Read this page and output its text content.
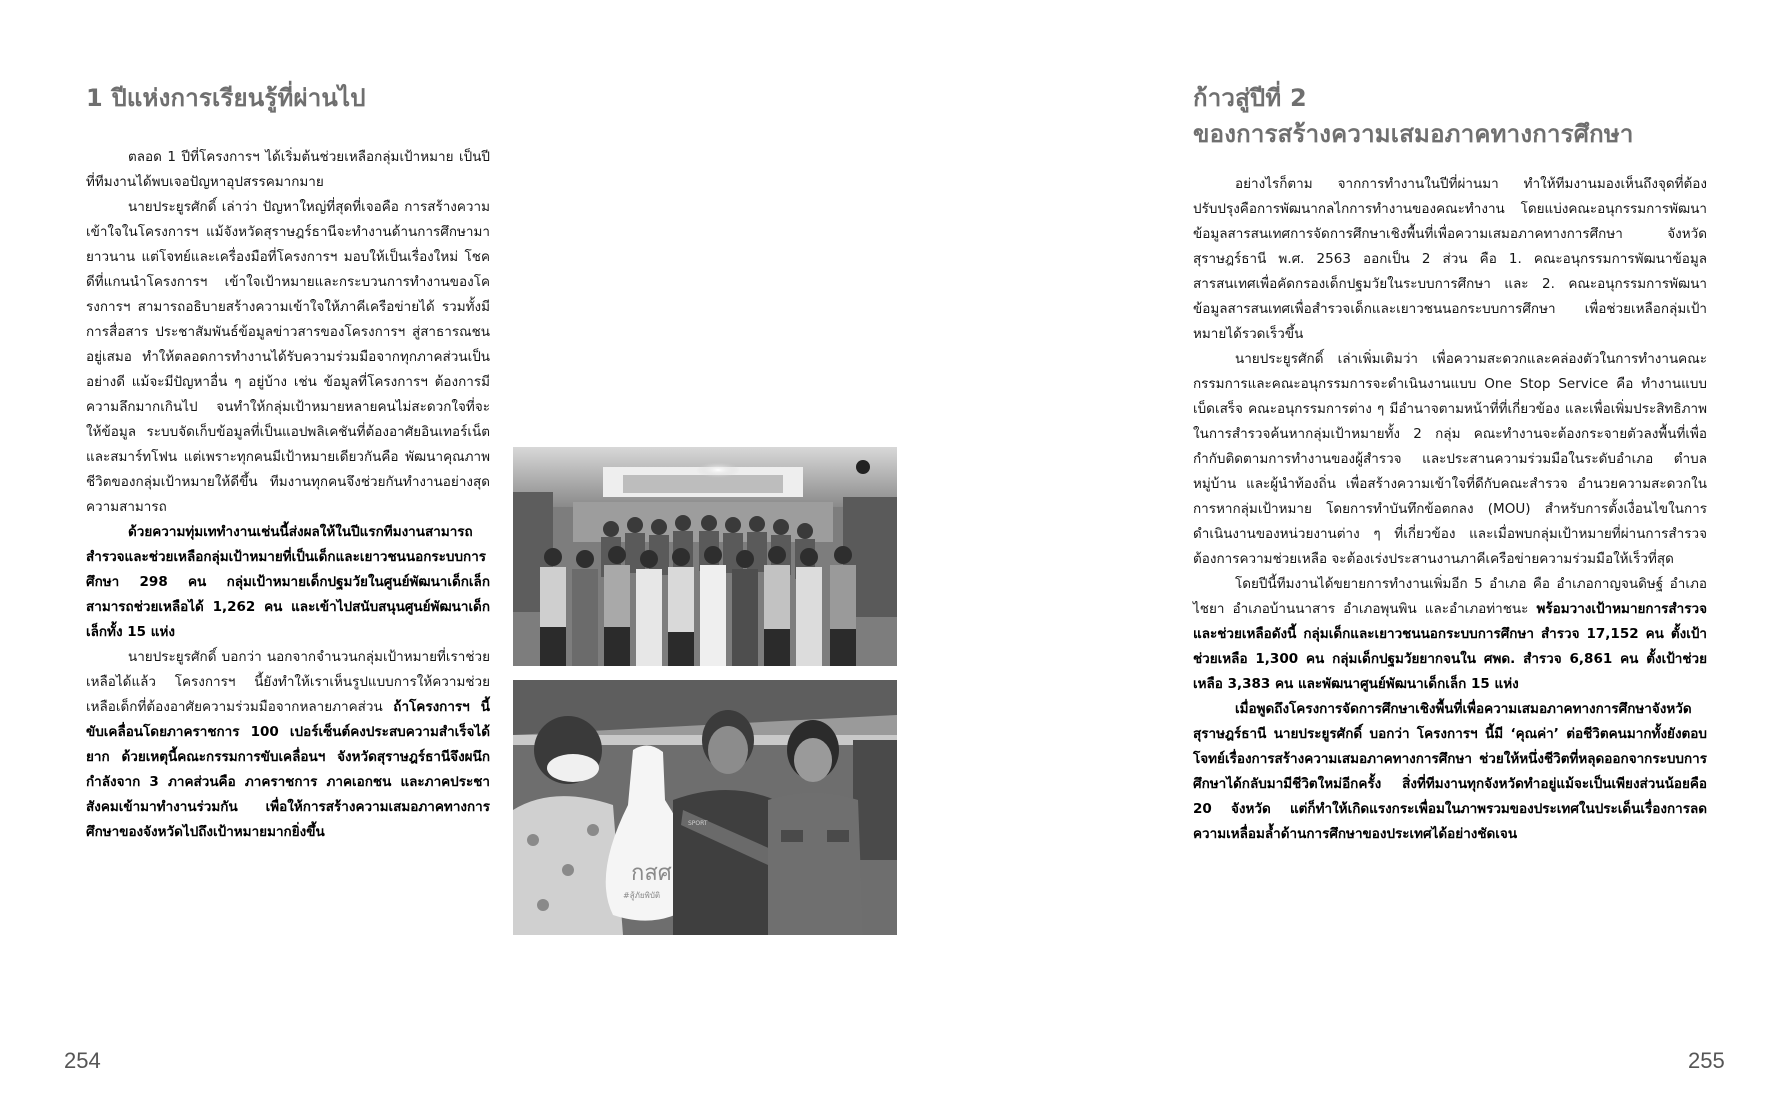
1 ปีแห่งการเรียนรู้ที่ผ่านไป

ตลอด 1 ปีที่โครงการฯ ได้เริ่มต้นช่วยเหลือกลุ่มเป้าหมาย เป็นปีที่ทีมงานได้พบเจอปัญหาอุปสรรคมากมาย

นายประยูรศักดิ์ เล่าว่า ปัญหาใหญ่ที่สุดที่เจอคือ การสร้างความเข้าใจในโครงการฯ แม้จังหวัดสุราษฎร์ธานีจะทำงานด้านการศึกษามายาวนาน แต่โจทย์และเครื่องมือที่โครงการฯ มอบให้เป็นเรื่องใหม่ โชคดีที่แกนนำโครงการฯ เข้าใจเป้าหมายและกระบวนการทำงานของโครงการฯ สามารถอธิบายสร้างความเข้าใจให้ภาคีเครือข่ายได้ รวมทั้งมีการสื่อสาร ประชาสัมพันธ์ข้อมูลข่าวสารของโครงการฯ สู่สาธารณชนอยู่เสมอ ทำให้ตลอดการทำงานได้รับความร่วมมือจากทุกภาคส่วนเป็นอย่างดี แม้จะมีปัญหาอื่น ๆ อยู่บ้าง เช่น ข้อมูลที่โครงการฯ ต้องการมีความลึกมากเกินไป จนทำให้กลุ่มเป้าหมายหลายคนไม่สะดวกใจที่จะให้ข้อมูล ระบบจัดเก็บข้อมูลที่เป็นแอปพลิเคชันที่ต้องอาศัยอินเทอร์เน็ตและสมาร์ทโฟน แต่เพราะทุกคนมีเป้าหมายเดียวกันคือ พัฒนาคุณภาพชีวิตของกลุ่มเป้าหมายให้ดีขึ้น ทีมงานทุกคนจึงช่วยกันทำงานอย่างสุดความสามารถ

ด้วยความทุ่มเททำงานเช่นนี้ส่งผลให้ในปีแรกทีมงานสามารถสำรวจและช่วยเหลือกลุ่มเป้าหมายที่เป็นเด็กและเยาวชนนอกระบบการศึกษา 298 คน กลุ่มเป้าหมายเด็กปฐมวัยในศูนย์พัฒนาเด็กเล็กสามารถช่วยเหลือได้ 1,262 คน และเข้าไปสนับสนุนศูนย์พัฒนาเด็กเล็กทั้ง 15 แห่ง

นายประยูรศักดิ์ บอกว่า นอกจากจำนวนกลุ่มเป้าหมายที่เราช่วยเหลือได้แล้ว โครงการฯ นี้ยังทำให้เราเห็นรูปแบบการให้ความช่วยเหลือเด็กที่ต้องอาศัยความร่วมมือจากหลายภาคส่วน ถ้าโครงการฯ นี้ขับเคลื่อนโดยภาคราชการ 100 เปอร์เซ็นต์คงประสบความสำเร็จได้ยาก ด้วยเหตุนี้คณะกรรมการขับเคลื่อนฯ จังหวัดสุราษฎร์ธานีจึงผนึกกำลังจาก 3 ภาคส่วนคือ ภาคราชการ ภาคเอกชน และภาคประชาสังคมเข้ามาทำงานร่วมกัน เพื่อให้การสร้างความเสมอภาคทางการศึกษาของจังหวัดไปถึงเป้าหมายมากยิ่งขึ้น

กสศ
#สู้ภัยพิบัติ
SPORT
254
ก้าวสู่ปีที่ 2
ของการสร้างความเสมอภาคทางการศึกษา

อย่างไรก็ตาม จากการทำงานในปีที่ผ่านมา ทำให้ทีมงานมองเห็นถึงจุดที่ต้องปรับปรุงคือการพัฒนากลไกการทำงานของคณะทำงาน โดยแบ่งคณะอนุกรรมการพัฒนาข้อมูลสารสนเทศการจัดการศึกษาเชิงพื้นที่เพื่อความเสมอภาคทางการศึกษา จังหวัดสุราษฎร์ธานี พ.ศ. 2563 ออกเป็น 2 ส่วน คือ 1. คณะอนุกรรมการพัฒนาข้อมูลสารสนเทศเพื่อคัดกรองเด็กปฐมวัยในระบบการศึกษา และ 2. คณะอนุกรรมการพัฒนาข้อมูลสารสนเทศเพื่อสำรวจเด็กและเยาวชนนอกระบบการศึกษา เพื่อช่วยเหลือกลุ่มเป้าหมายได้รวดเร็วขึ้น

นายประยูรศักดิ์ เล่าเพิ่มเติมว่า เพื่อความสะดวกและคล่องตัวในการทำงานคณะกรรมการและคณะอนุกรรมการจะดำเนินงานแบบ One Stop Service คือ ทำงานแบบเบ็ดเสร็จ คณะอนุกรรมการต่าง ๆ มีอำนาจตามหน้าที่ที่เกี่ยวข้อง และเพื่อเพิ่มประสิทธิภาพในการสำรวจค้นหากลุ่มเป้าหมายทั้ง 2 กลุ่ม คณะทำงานจะต้องกระจายตัวลงพื้นที่เพื่อกำกับติดตามการทำงานของผู้สำรวจ และประสานความร่วมมือในระดับอำเภอ ตำบล หมู่บ้าน และผู้นำท้องถิ่น เพื่อสร้างความเข้าใจที่ดีกับคณะสำรวจ อำนวยความสะดวกในการหากลุ่มเป้าหมาย โดยการทำบันทึกข้อตกลง (MOU) สำหรับการตั้งเงื่อนไขในการดำเนินงานของหน่วยงานต่าง ๆ ที่เกี่ยวข้อง และเมื่อพบกลุ่มเป้าหมายที่ผ่านการสำรวจต้องการความช่วยเหลือ จะต้องเร่งประสานงานภาคีเครือข่ายความร่วมมือให้เร็วที่สุด

โดยปีนี้ทีมงานได้ขยายการทำงานเพิ่มอีก 5 อำเภอ คือ อำเภอกาญจนดิษฐ์ อำเภอไชยา อำเภอบ้านนาสาร อำเภอพุนพิน และอำเภอท่าชนะ พร้อมวางเป้าหมายการสำรวจและช่วยเหลือดังนี้ กลุ่มเด็กและเยาวชนนอกระบบการศึกษา สำรวจ 17,152 คน ตั้งเป้าช่วยเหลือ 1,300 คน กลุ่มเด็กปฐมวัยยากจนใน ศพด. สำรวจ 6,861 คน ตั้งเป้าช่วยเหลือ 3,383 คน และพัฒนาศูนย์พัฒนาเด็กเล็ก 15 แห่ง

เมื่อพูดถึงโครงการจัดการศึกษาเชิงพื้นที่เพื่อความเสมอภาคทางการศึกษาจังหวัดสุราษฎร์ธานี นายประยูรศักดิ์ บอกว่า โครงการฯ นี้มี ‘คุณค่า’ ต่อชีวิตคนมากทั้งยังตอบโจทย์เรื่องการสร้างความเสมอภาคทางการศึกษา ช่วยให้หนึ่งชีวิตที่หลุดออกจากระบบการศึกษาได้กลับมามีชีวิตใหม่อีกครั้ง สิ่งที่ทีมงานทุกจังหวัดทำอยู่แม้จะเป็นเพียงส่วนน้อยคือ 20 จังหวัด แต่ก็ทำให้เกิดแรงกระเพื่อมในภาพรวมของประเทศในประเด็นเรื่องการลดความเหลื่อมล้ำด้านการศึกษาของประเทศได้อย่างชัดเจน

255
